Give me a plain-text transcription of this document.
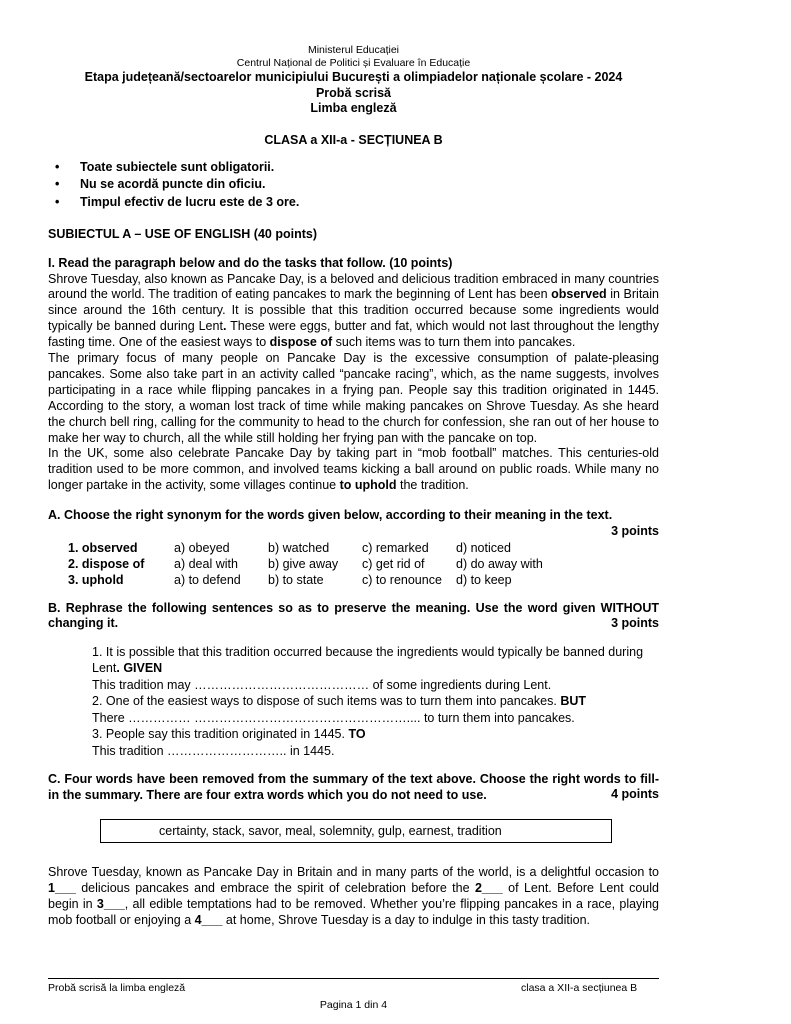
Ministerul Educației
Centrul Național de Politici și Evaluare în Educație
Etapa județeană/sectoarelor municipiului București a olimpiadelor naționale școlare - 2024
Probă scrisă
Limba engleză
CLASA a XII-a - SECȚIUNEA B
• Toate subiectele sunt obligatorii.
• Nu se acordă puncte din oficiu.
• Timpul efectiv de lucru este de 3 ore.
SUBIECTUL A – USE OF ENGLISH (40 points)
I. Read the paragraph below and do the tasks that follow. (10 points)
Shrove Tuesday, also known as Pancake Day, is a beloved and delicious tradition embraced in many countries around the world. The tradition of eating pancakes to mark the beginning of Lent has been observed in Britain since around the 16th century. It is possible that this tradition occurred because some ingredients would typically be banned during Lent. These were eggs, butter and fat, which would not last throughout the lengthy fasting time. One of the easiest ways to dispose of such items was to turn them into pancakes.
The primary focus of many people on Pancake Day is the excessive consumption of palate-pleasing pancakes. Some also take part in an activity called “pancake racing”, which, as the name suggests, involves participating in a race while flipping pancakes in a frying pan. People say this tradition originated in 1445. According to the story, a woman lost track of time while making pancakes on Shrove Tuesday. As she heard the church bell ring, calling for the community to head to the church for confession, she ran out of her house to make her way to church, all the while still holding her frying pan with the pancake on top.
In the UK, some also celebrate Pancake Day by taking part in “mob football” matches. This centuries-old tradition used to be more common, and involved teams kicking a ball around on public roads. While many no longer partake in the activity, some villages continue to uphold the tradition.
A. Choose the right synonym for the words given below, according to their meaning in the text.
3 points
1. observed	a) obeyed	b) watched	c) remarked	d) noticed
2. dispose of	a) deal with	b) give away	c) get rid of	d) do away with
3. uphold	a) to defend	b) to state	c) to renounce	d) to keep
B. Rephrase the following sentences so as to preserve the meaning. Use the word given WITHOUT changing it.	3 points
1. It is possible that this tradition occurred because the ingredients would typically be banned during Lent. GIVEN
This tradition may …………………………………… of some ingredients during Lent.
2. One of the easiest ways to dispose of such items was to turn them into pancakes. BUT
There …………… …………………………………………….... to turn them into pancakes.
3. People say this tradition originated in 1445. TO
This tradition ……………………….. in 1445.
C. Four words have been removed from the summary of the text above. Choose the right words to fill-in the summary. There are four extra words which you do not need to use.	4 points
certainty, stack, savor, meal, solemnity, gulp, earnest, tradition
Shrove Tuesday, known as Pancake Day in Britain and in many parts of the world, is a delightful occasion to 1___ delicious pancakes and embrace the spirit of celebration before the 2___ of Lent. Before Lent could begin in 3___, all edible temptations had to be removed. Whether you’re flipping pancakes in a race, playing mob football or enjoying a 4___ at home, Shrove Tuesday is a day to indulge in this tasty tradition.
Probă scrisă la limba engleză	clasa a XII-a secțiunea B
Pagina 1 din 4
